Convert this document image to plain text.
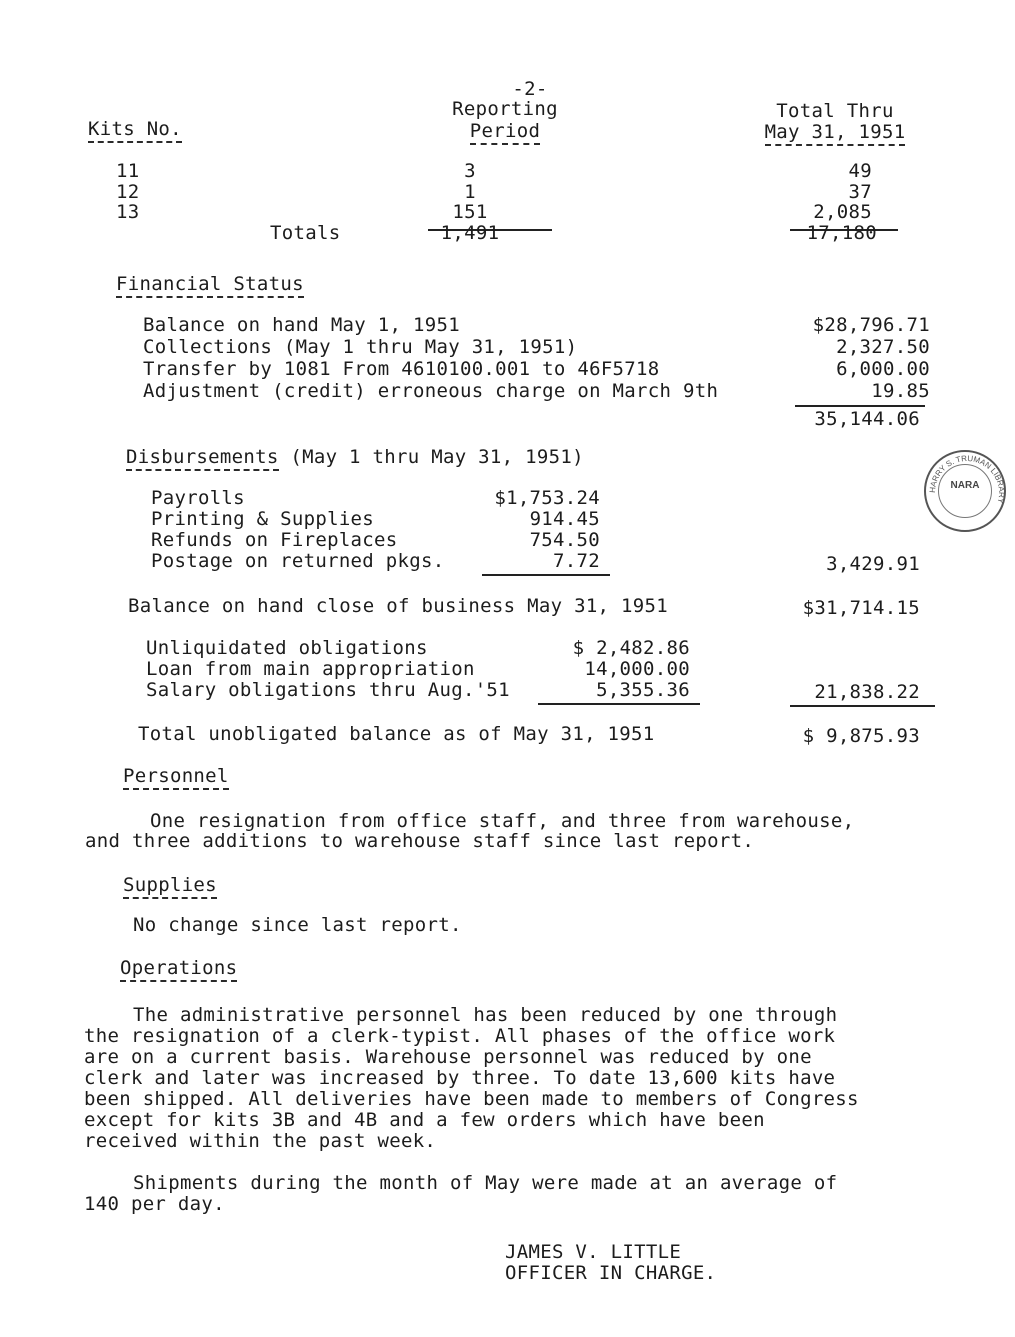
-2-
Kits No.
Reporting
Period
Total Thru
May 31, 1951
11	3	49
12	1	37
13	151	2,085
Totals	1,491	17,180
Financial Status
Balance on hand May 1, 1951	$28,796.71
Collections (May 1 thru May 31, 1951)	2,327.50
Transfer by 1081 From 4610100.001 to 46F5718	6,000.00
Adjustment (credit) erroneous charge on March 9th	19.85
35,144.06
Disbursements (May 1 thru May 31, 1951)
Payrolls	$1,753.24
Printing & Supplies	914.45
Refunds on Fireplaces	754.50
Postage on returned pkgs.	7.72	3,429.91
Balance on hand close of business May 31, 1951	$31,714.15
Unliquidated obligations	$ 2,482.86
Loan from main appropriation	14,000.00
Salary obligations thru Aug.'51	5,355.36	21,838.22
Total unobligated balance as of May 31, 1951	$ 9,875.93
Personnel
One resignation from office staff, and three from warehouse,
and three additions to warehouse staff since last report.
Supplies
No change since last report.
Operations
The administrative personnel has been reduced by one through
the resignation of a clerk-typist. All phases of the office work
are on a current basis. Warehouse personnel was reduced by one
clerk and later was increased by three. To date 13,600 kits have
been shipped. All deliveries have been made to members of Congress
except for kits 3B and 4B and a few orders which have been
received within the past week.
Shipments during the month of May were made at an average of
140 per day.
JAMES V. LITTLE
OFFICER IN CHARGE.
HARRY S. TRUMAN LIBRARY
NARA
